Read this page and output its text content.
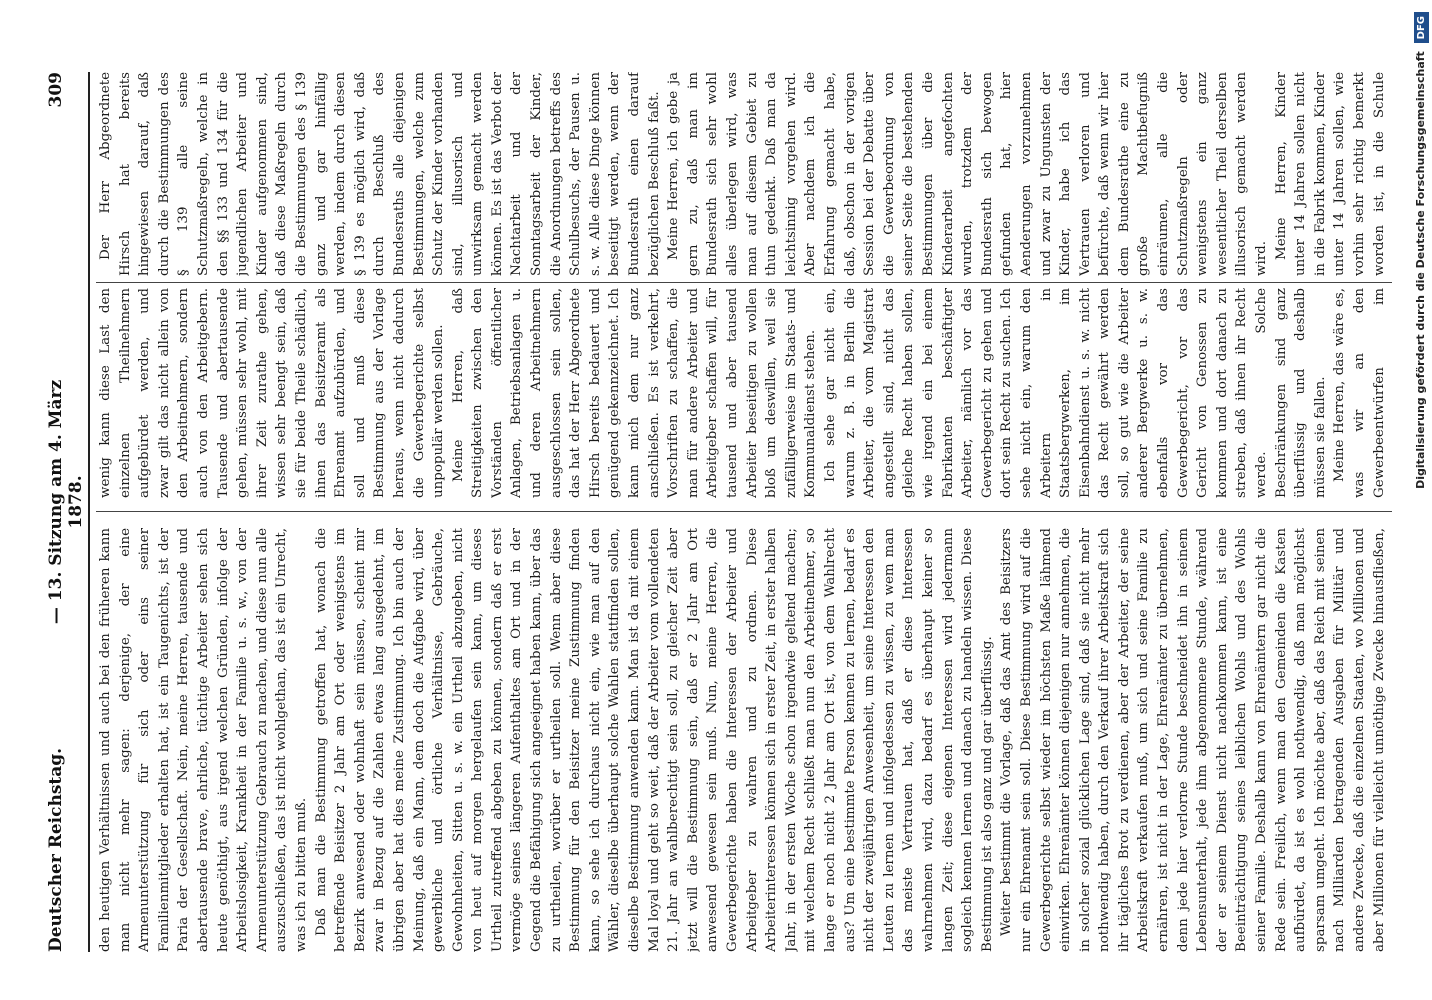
Deutscher Reichstag.
— 13. Sitzung am 4. März 1878.
309

den heutigen Verhältnissen und auch bei den früheren kann man nicht mehr sagen: derjenige, der eine Armenunterstützung für sich oder eins seiner Familienmitglieder erhalten hat, ist ein Taugenichts, ist der Paria der Gesellschaft. Nein, meine Herren, tausende und abertausende brave, ehrliche, tüchtige Arbeiter sehen sich heute genöthigt, aus irgend welchen Gründen, infolge der Arbeitslosigkeit, Krankheit in der Familie u. s. w., von der Armenunterstützung Gebrauch zu machen, und diese nun alle auszuschließen, das ist nicht wohlgethan, das ist ein Unrecht, was ich zu bitten muß. Daß man die Bestimmung getroffen hat, wonach die betreffende Beisitzer 2 Jahr am Ort oder wenigstens im Bezirk anwesend oder wohnhaft sein müssen, scheint mir zwar in Bezug auf die Zahlen etwas lang ausgedehnt, im übrigen aber hat dies meine Zustimmung. Ich bin auch der Meinung, daß ein Mann, dem doch die Aufgabe wird, über gewerbliche und örtliche Verhältnisse, Gebräuche, Gewohnheiten, Sitten u. s. w. ein Urtheil abzugeben, nicht von heut auf morgen hergelaufen sein kann, um dieses Urtheil zutreffend abgeben zu können, sondern daß er erst vermöge seines längeren Aufenthaltes am Ort und in der Gegend die Befähigung sich angeeignet haben kann, über das zu urtheilen, worüber er urtheilen soll. Wenn aber diese Bestimmung für den Beisitzer meine Zustimmung finden kann, so sehe ich durchaus nicht ein, wie man auf den Wähler, dieselbe überhaupt solche Wahlen stattfinden sollen, dieselbe Bestimmung anwenden kann. Man ist da mit einem Mal loyal und geht so weit, daß der Arbeiter vom vollendeten 21. Jahr an wahlberechtigt sein soll, zu gleicher Zeit aber jetzt will die Bestimmung sein, daß er 2 Jahr am Ort anwesend gewesen sein muß. Nun, meine Herren, die Gewerbegerichte haben die Interessen der Arbeiter und Arbeitgeber zu wahren und zu ordnen. Diese Arbeiterinteressen können sich in erster Zeit, in erster halben Jahr, in der ersten Woche schon irgendwie geltend machen; mit welchem Recht schließt man nun den Arbeitnehmer, so lange er noch nicht 2 Jahr am Ort ist, von dem Wahlrecht aus? Um eine bestimmte Person kennen zu lernen, bedarf es nicht der zweijährigen Anwesenheit, um seine Interessen den Leuten zu lernen und infolgedessen zu wissen, zu wem man das meiste Vertrauen hat, daß er diese Interessen wahrnehmen wird, dazu bedarf es überhaupt keiner so langen Zeit; diese eigenen Interessen wird jedermann sogleich kennen lernen und danach zu handeln wissen. Diese Bestimmung ist also ganz und gar überflüssig. Weiter bestimmt die Vorlage, daß das Amt des Beisitzers nur ein Ehrenamt sein soll. Diese Bestimmung wird auf die Gewerbegerichte selbst wieder im höchsten Maße lähmend einwirken. Ehrenämter können diejenigen nur annehmen, die in solcher sozial glücklichen Lage sind, daß sie nicht mehr nothwendig haben, durch den Verkauf ihrer Arbeitskraft sich ihr tägliches Brot zu verdienen, aber der Arbeiter, der seine Arbeitskraft verkaufen muß, um sich und seine Familie zu ernähren, ist nicht in der Lage, Ehrenämter zu übernehmen, denn jede hier verlorne Stunde beschneidet ihn in seinem Lebensunterhalt, jede ihm abgenommene Stunde, während der er seinem Dienst nicht nachkommen kann, ist eine Beeinträchtigung seines leiblichen Wohls und des Wohls seiner Familie. Deshalb kann von Ehrenämtern gar nicht die Rede sein. Freilich, wenn man den Gemeinden die Kasten aufbürdet, da ist es wohl nothwendig, daß man möglichst sparsam umgeht. Ich möchte aber, daß das Reich mit seinen nach Milliarden betragenden Ausgaben für Militär und andere Zwecke, daß die einzelnen Staaten, wo Millionen und aber Millionen für vielleicht unnöthige Zwecke hinausfließen,

wenig kann diese Last den einzelnen Theilnehmern aufgebürdet werden, und zwar gilt das nicht allein von den Arbeitnehmern, sondern auch von den Arbeitgebern. Tausende und abertausende gehen, müssen sehr wohl, mit ihrer Zeit zurathe gehen, wissen sehr beengt sein, daß sie für beide Theile schädlich, ihnen das Beisitzeramt als Ehrenamt aufzubürden, und soll und muß diese Bestimmung aus der Vorlage heraus, wenn nicht dadurch die Gewerbegerichte selbst unpopulär werden sollen. Meine Herren, daß Streitigkeiten zwischen den Vorständen öffentlicher Anlagen, Betriebsanlagen u. und deren Arbeitnehmern ausgeschlossen sein sollen, das hat der Herr Abgeordnete Hirsch bereits bedauert und genügend gekennzeichnet. Ich kann mich dem nur ganz anschließen. Es ist verkehrt, Vorschriften zu schaffen, die man für andere Arbeiter und Arbeitgeber schaffen will, für tausend und aber tausend Arbeiter beseitigen zu wollen bloß um deswillen, weil sie zufälligerweise im Staats- und Kommunaldienst stehen. Ich sehe gar nicht ein, warum z. B. in Berlin die Arbeiter, die vom Magistrat angestellt sind, nicht das gleiche Recht haben sollen, wie irgend ein bei einem Fabrikanten beschäftigter Arbeiter, nämlich vor das Gewerbegericht zu gehen und dort sein Recht zu suchen. Ich sehe nicht ein, warum den Arbeitern in Staatsbergwerken, im Eisenbahndienst u. s. w. nicht das Recht gewährt werden soll, so gut wie die Arbeiter anderer Bergwerke u. s. w. ebenfalls vor das Gewerbegericht, vor das Gericht von Genossen zu kommen und dort danach zu streben, daß ihnen ihr Recht werde. Solche Beschränkungen sind ganz überflüssig und deshalb müssen sie fallen. Meine Herren, das wäre es, was wir an den Gewerbeentwürfen im

Der Herr Abgeordnete Hirsch hat bereits hingewiesen darauf, daß durch die Bestimmungen des § 139 alle seine Schutzmaßregeln, welche in den §§ 133 und 134 für die jugendlichen Arbeiter und Kinder aufgenommen sind, daß diese Maßregeln durch die Bestimmungen des § 139 ganz und gar hinfällig werden, indem durch diesen § 139 es möglich wird, daß durch Beschluß des Bundesraths alle diejenigen Bestimmungen, welche zum Schutz der Kinder vorhanden sind, illusorisch und unwirksam gemacht werden können. Es ist das Verbot der Nachtarbeit und der Sonntagsarbeit der Kinder, die Anordnungen betreffs des Schulbesuchs, der Pausen u. s. w. Alle diese Dinge können beseitigt werden, wenn der Bundesrath einen darauf bezüglichen Beschluß faßt. Meine Herren, ich gebe ja gern zu, daß man im Bundesrath sich sehr wohl alles überlegen wird, was man auf diesem Gebiet zu thun gedenkt. Daß man da leichtsinnig vorgehen wird. Aber nachdem ich die Erfahrung gemacht habe, daß, obschon in der vorigen Session bei der Debatte über die Gewerbeordnung von seiner Seite die bestehenden Bestimmungen über die Kinderarbeit angefochten wurden, trotzdem der Bundesrath sich bewogen gefunden hat, hier Aenderungen vorzunehmen und zwar zu Ungunsten der Kinder, habe ich das Vertrauen verloren und befürchte, daß wenn wir hier dem Bundesrathe eine zu große Machtbefugniß einräumen, alle die Schutzmaßregeln oder wenigstens ein ganz wesentlicher Theil derselben illusorisch gemacht werden wird. Meine Herren, Kinder unter 14 Jahren sollen nicht in die Fabrik kommen, Kinder unter 14 Jahren sollen, wie vorhin sehr richtig bemerkt worden ist, in die Schule	Digitalisierung gefördert durch die Deutsche Forschungsgemeinschaft DFG
